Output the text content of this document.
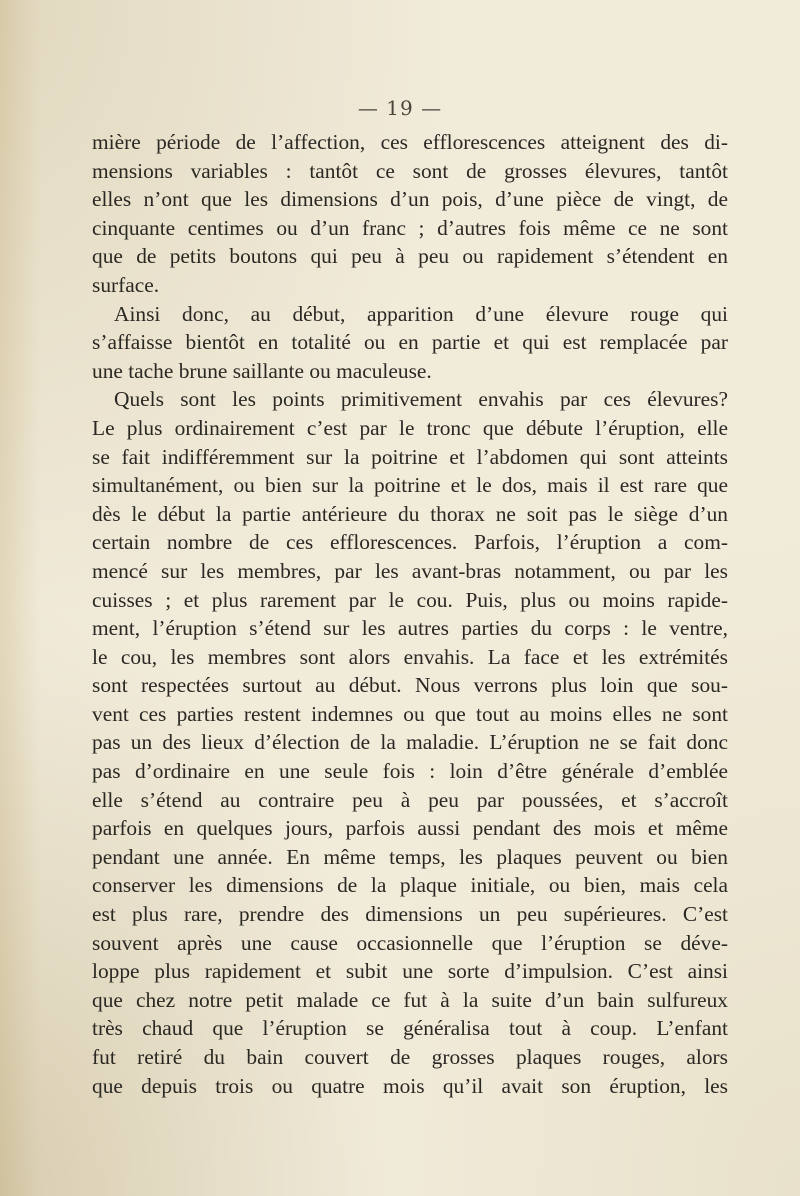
— 19 —
mière période de l’affection, ces efflorescences atteignent des di-
mensions variables : tantôt ce sont de grosses élevures, tantôt
elles n’ont que les dimensions d’un pois, d’une pièce de vingt, de
cinquante centimes ou d’un franc ; d’autres fois même ce ne sont
que de petits boutons qui peu à peu ou rapidement s’étendent en
surface.
Ainsi donc, au début, apparition d’une élevure rouge qui
s’affaisse bientôt en totalité ou en partie et qui est remplacée par
une tache brune saillante ou maculeuse.
Quels sont les points primitivement envahis par ces élevures?
Le plus ordinairement c’est par le tronc que débute l’éruption, elle
se fait indifféremment sur la poitrine et l’abdomen qui sont atteints
simultanément, ou bien sur la poitrine et le dos, mais il est rare que
dès le début la partie antérieure du thorax ne soit pas le siège d’un
certain nombre de ces efflorescences. Parfois, l’éruption a com-
mencé sur les membres, par les avant-bras notamment, ou par les
cuisses ; et plus rarement par le cou. Puis, plus ou moins rapide-
ment, l’éruption s’étend sur les autres parties du corps : le ventre,
le cou, les membres sont alors envahis. La face et les extrémités
sont respectées surtout au début. Nous verrons plus loin que sou-
vent ces parties restent indemnes ou que tout au moins elles ne sont
pas un des lieux d’élection de la maladie. L’éruption ne se fait donc
pas d’ordinaire en une seule fois : loin d’être générale d’emblée
elle s’étend au contraire peu à peu par poussées, et s’accroît
parfois en quelques jours, parfois aussi pendant des mois et même
pendant une année. En même temps, les plaques peuvent ou bien
conserver les dimensions de la plaque initiale, ou bien, mais cela
est plus rare, prendre des dimensions un peu supérieures. C’est
souvent après une cause occasionnelle que l’éruption se déve-
loppe plus rapidement et subit une sorte d’impulsion. C’est ainsi
que chez notre petit malade ce fut à la suite d’un bain sulfureux
très chaud que l’éruption se généralisa tout à coup. L’enfant
fut retiré du bain couvert de grosses plaques rouges, alors
que depuis trois ou quatre mois qu’il avait son éruption, les
